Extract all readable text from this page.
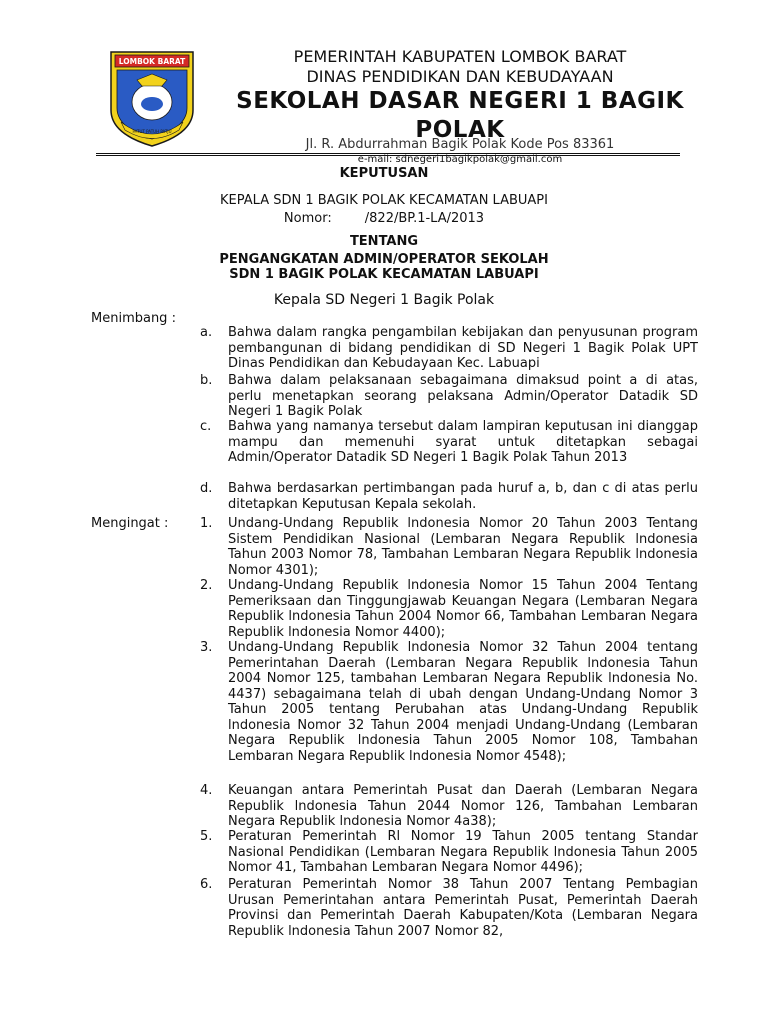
LOMBOK BARAT
PATUT PATUH PATJU
PEMERINTAH KABUPATEN LOMBOK BARAT
DINAS PENDIDIKAN DAN KEBUDAYAAN
SEKOLAH DASAR NEGERI 1 BAGIK
POLAK
Jl. R. Abdurrahman Bagik Polak Kode Pos 83361
e-mail: sdnegeri1bagikpolak@gmail.com
KEPUTUSAN
KEPALA SDN 1 BAGIK POLAK KECAMATAN LABUAPI
Nomor:	/822/BP.1-LA/2013
TENTANG
PENGANGKATAN ADMIN/OPERATOR SEKOLAH
SDN 1 BAGIK POLAK KECAMATAN LABUAPI
Kepala SD Negeri 1 Bagik Polak
Menimbang :
a. Bahwa dalam rangka pengambilan kebijakan dan penyusunan program pembangunan di bidang pendidikan di SD Negeri 1 Bagik Polak UPT Dinas Pendidikan dan Kebudayaan Kec. Labuapi
b. Bahwa dalam pelaksanaan sebagaimana dimaksud point a di atas, perlu menetapkan seorang pelaksana Admin/Operator Datadik SD Negeri 1 Bagik Polak
c. Bahwa yang namanya tersebut dalam lampiran keputusan ini dianggap mampu dan memenuhi syarat untuk ditetapkan sebagai Admin/Operator Datadik SD Negeri 1 Bagik Polak Tahun 2013
d. Bahwa berdasarkan pertimbangan pada huruf a, b, dan c di atas perlu ditetapkan Keputusan Kepala sekolah.
Mengingat : 1. Undang-Undang Republik lndonesia Nomor 20 Tahun 2003 Tentang Sistem Pendidikan Nasional (Lembaran Negara Republik lndonesia Tahun 2003 Nomor 78, Tambahan Lembaran Negara Republik lndonesia Nomor 4301);
2. Undang-Undang Republik lndonesia Nomor 15 Tahun 2004 Tentang Pemeriksaan dan Tinggungjawab Keuangan Negara (Lembaran Negara Republik lndonesia Tahun 2004 Nomor 66, Tambahan Lembaran Negara Republik lndonesia Nomor 4400);
3. Undang-Undang Republik lndonesia Nomor 32 Tahun 2004 tentang Pemerintahan Daerah (Lembaran Negara Republik lndonesia Tahun 2004 Nomor 125, tambahan Lembaran Negara Republik lndonesia No. 4437) sebagaimana telah di ubah dengan Undang-Undang Nomor 3 Tahun 2005 tentang Perubahan atas Undang-Undang Republik lndonesia Nomor 32 Tahun 2004 menjadi Undang-Undang (Lembaran Negara Republik lndonesia Tahun 2005 Nomor 108, Tambahan Lembaran Negara Republik lndonesia Nomor 4548);
4. Keuangan antara Pemerintah Pusat dan Daerah (Lembaran Negara Republik lndonesia Tahun 2044 Nomor 126, Tambahan Lembaran Negara Republik lndonesia Nomor 4a38);
5. Peraturan Pemerintah Rl Nomor 19 Tahun 2005 tentang Standar Nasional Pendidikan (Lembaran Negara Republik lndonesia Tahun 2005 Nomor 41, Tambahan Lembaran Negara Nomor 4496);
6. Peraturan Pemerintah Nomor 38 Tahun 2007 Tentang Pembagian Urusan Pemerintahan antara Pemerintah Pusat, Pemerintah Daerah Provinsi dan Pemerintah Daerah Kabupaten/Kota (Lembaran Negara Republik lndonesia Tahun 2007 Nomor 82,
